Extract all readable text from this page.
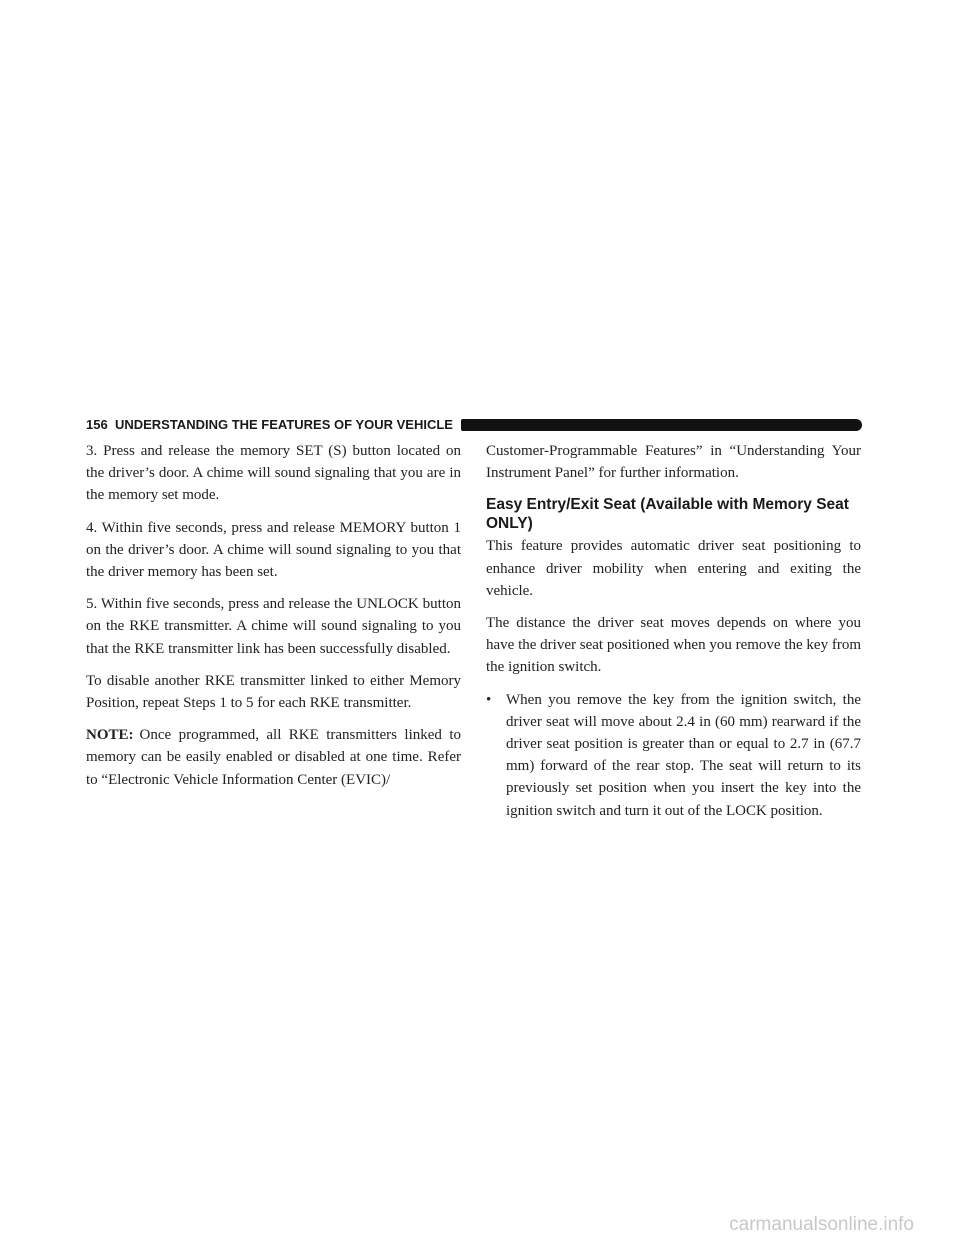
156 UNDERSTANDING THE FEATURES OF YOUR VEHICLE

3. Press and release the memory SET (S) button located on the driver’s door. A chime will sound signaling that you are in the memory set mode.

4. Within five seconds, press and release MEMORY button 1 on the driver’s door. A chime will sound signaling to you that the driver memory has been set.

5. Within five seconds, press and release the UNLOCK button on the RKE transmitter. A chime will sound signaling to you that the RKE transmitter link has been successfully disabled.

To disable another RKE transmitter linked to either Memory Position, repeat Steps 1 to 5 for each RKE transmitter.

NOTE: Once programmed, all RKE transmitters linked to memory can be easily enabled or disabled at one time. Refer to “Electronic Vehicle Information Center (EVIC)/

Customer-Programmable Features” in “Understanding Your Instrument Panel” for further information.

Easy Entry/Exit Seat (Available with Memory Seat ONLY)

This feature provides automatic driver seat positioning to enhance driver mobility when entering and exiting the vehicle.

The distance the driver seat moves depends on where you have the driver seat positioned when you remove the key from the ignition switch.

• When you remove the key from the ignition switch, the driver seat will move about 2.4 in (60 mm) rearward if the driver seat position is greater than or equal to 2.7 in (67.7 mm) forward of the rear stop. The seat will return to its previously set position when you insert the key into the ignition switch and turn it out of the LOCK position.
carmanualsonline.info
